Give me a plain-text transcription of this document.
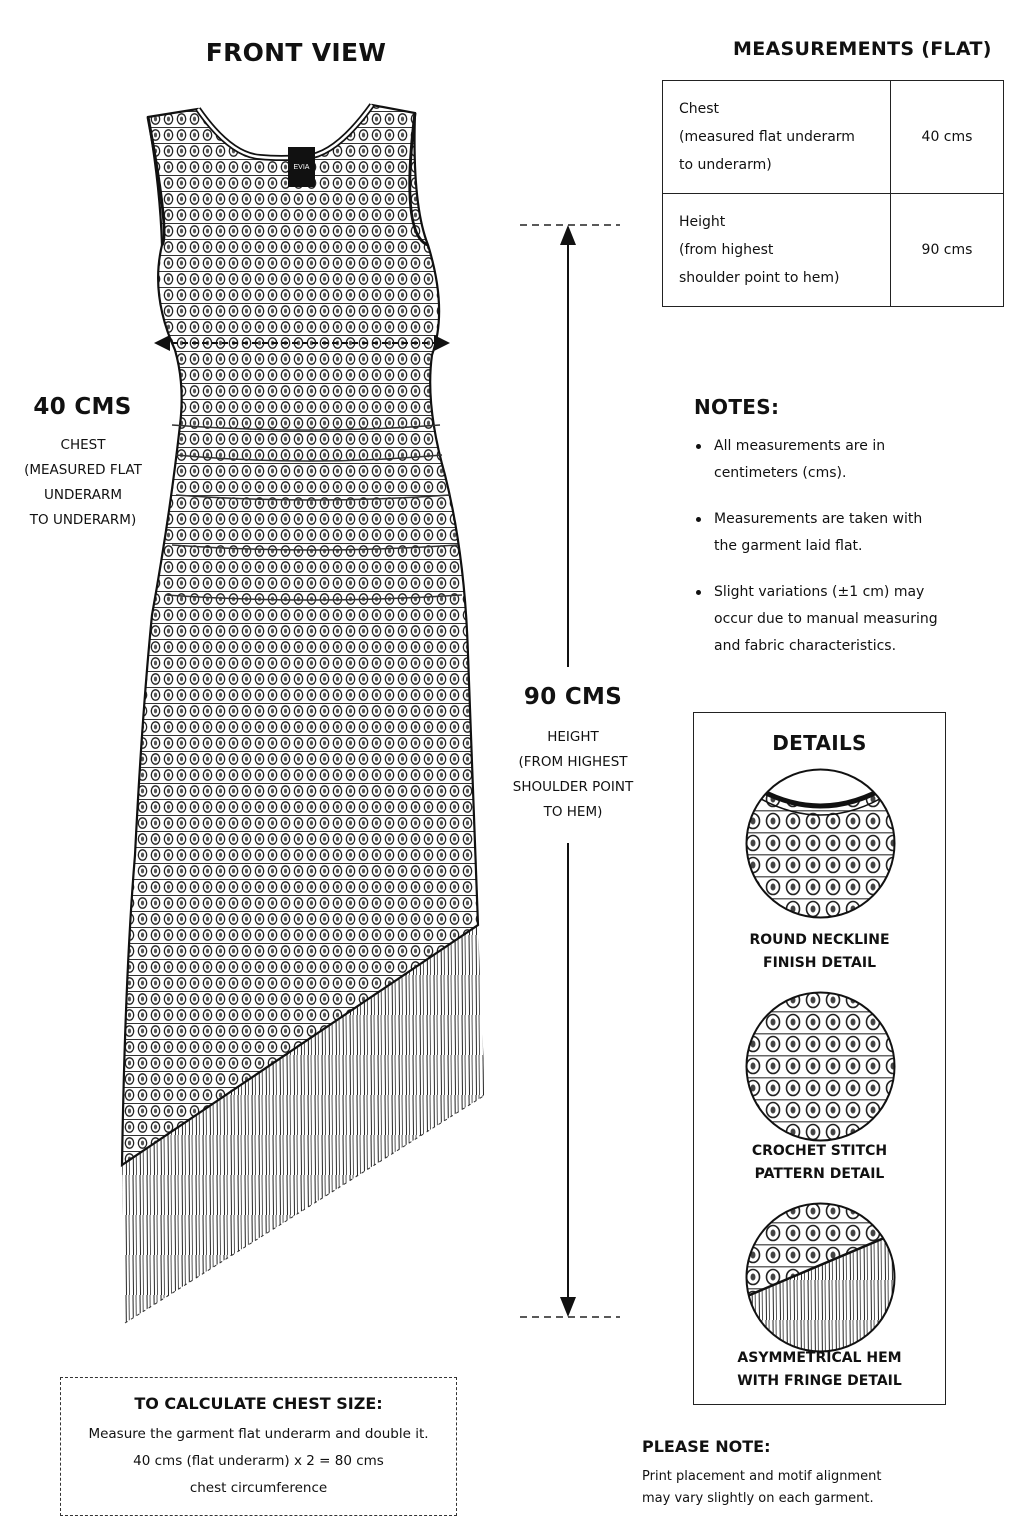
FRONT VIEW
EVIA
40 CMS
CHEST
(MEASURED FLAT
UNDERARM
TO UNDERARM)
90 CMS
HEIGHT
(FROM HIGHEST
SHOULDER POINT
TO HEM)
MEASUREMENTS (FLAT)
Chest
(measured flat underarm
to underarm)	40 cms

Height
(from highest
shoulder point to hem)	90 cms
NOTES:
All measurements are in
centimeters (cms).
Measurements are taken with
the garment laid flat.
Slight variations (±1 cm) may
occur due to manual measuring
and fabric characteristics.
DETAILS
ROUND NECKLINE
FINISH DETAIL
CROCHET STITCH
PATTERN DETAIL
ASYMMETRICAL HEM
WITH FRINGE DETAIL
TO CALCULATE CHEST SIZE:
Measure the garment flat underarm and double it.
40 cms (flat underarm) x 2 = 80 cms
chest circumference
PLEASE NOTE:
Print placement and motif alignment
may vary slightly on each garment.
